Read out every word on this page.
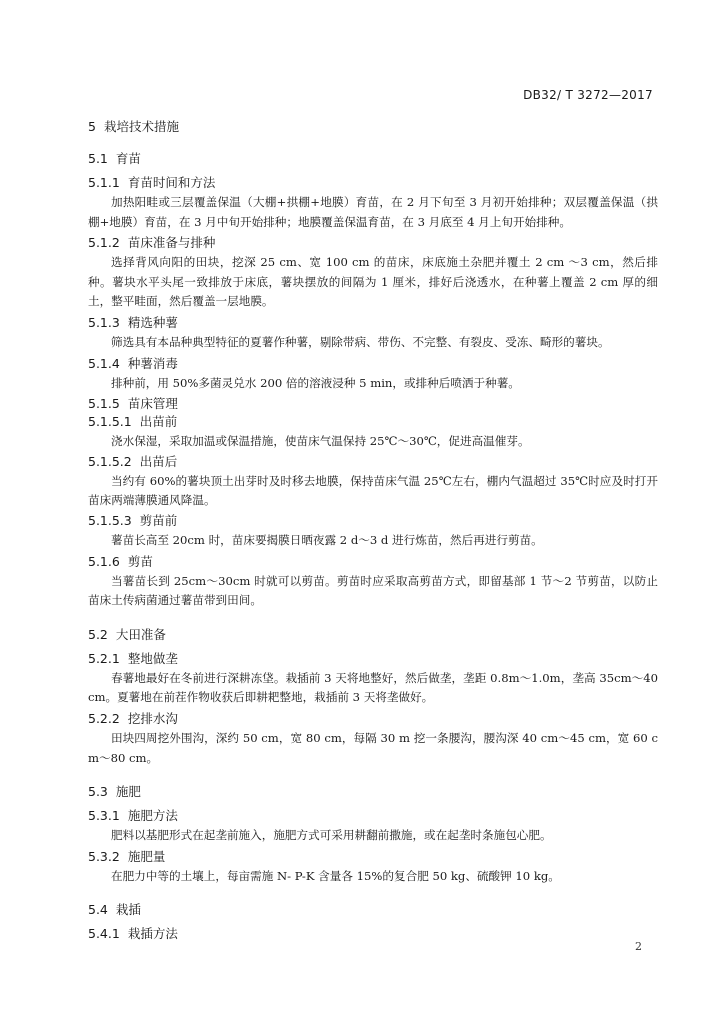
DB32/ T 3272—2017
5 栽培技术措施
5.1 育苗
5.1.1 育苗时间和方法
加热阳畦或三层覆盖保温（大棚+拱棚+地膜）育苗，在 2 月下旬至 3 月初开始排种；双层覆盖保温（拱棚+地膜）育苗，在 3 月中旬开始排种；地膜覆盖保温育苗，在 3 月底至 4 月上旬开始排种。
5.1.2 苗床准备与排种
选择背风向阳的田块，挖深 25 cm、宽 100 cm 的苗床，床底施土杂肥并覆土 2 cm ～3 cm，然后排种。薯块水平头尾一致排放于床底，薯块摆放的间隔为 1 厘米，排好后浇透水，在种薯上覆盖 2 cm 厚的细土，整平畦面，然后覆盖一层地膜。
5.1.3 精选种薯
筛选具有本品种典型特征的夏薯作种薯，剔除带病、带伤、不完整、有裂皮、受冻、畸形的薯块。
5.1.4 种薯消毒
排种前，用 50%多菌灵兑水 200 倍的溶液浸种 5 min，或排种后喷洒于种薯。
5.1.5 苗床管理
5.1.5.1 出苗前
浇水保湿，采取加温或保温措施，使苗床气温保持 25℃～30℃，促进高温催芽。
5.1.5.2 出苗后
当约有 60%的薯块顶土出芽时及时移去地膜，保持苗床气温 25℃左右，棚内气温超过 35℃时应及时打开苗床两端薄膜通风降温。
5.1.5.3 剪苗前
薯苗长高至 20cm 时，苗床要揭膜日晒夜露 2 d～3 d 进行炼苗，然后再进行剪苗。
5.1.6 剪苗
当薯苗长到 25cm～30cm 时就可以剪苗。剪苗时应采取高剪苗方式，即留基部 1 节～2 节剪苗，以防止苗床土传病菌通过薯苗带到田间。
5.2 大田准备
5.2.1 整地做垄
春薯地最好在冬前进行深耕冻垡。栽插前 3 天将地整好，然后做垄，垄距 0.8m～1.0m，垄高 35cm～40cm。夏薯地在前茬作物收获后即耕耙整地，栽插前 3 天将垄做好。
5.2.2 挖排水沟
田块四周挖外围沟，深约 50 cm，宽 80 cm，每隔 30 m 挖一条腰沟，腰沟深 40 cm～45 cm，宽 60 cm～80 cm。
5.3 施肥
5.3.1 施肥方法
肥料以基肥形式在起垄前施入，施肥方式可采用耕翻前撒施，或在起垄时条施包心肥。
5.3.2 施肥量
在肥力中等的土壤上，每亩需施 N- P-K 含量各 15%的复合肥 50 kg、硫酸钾 10 kg。
5.4 栽插
5.4.1 栽插方法
2
